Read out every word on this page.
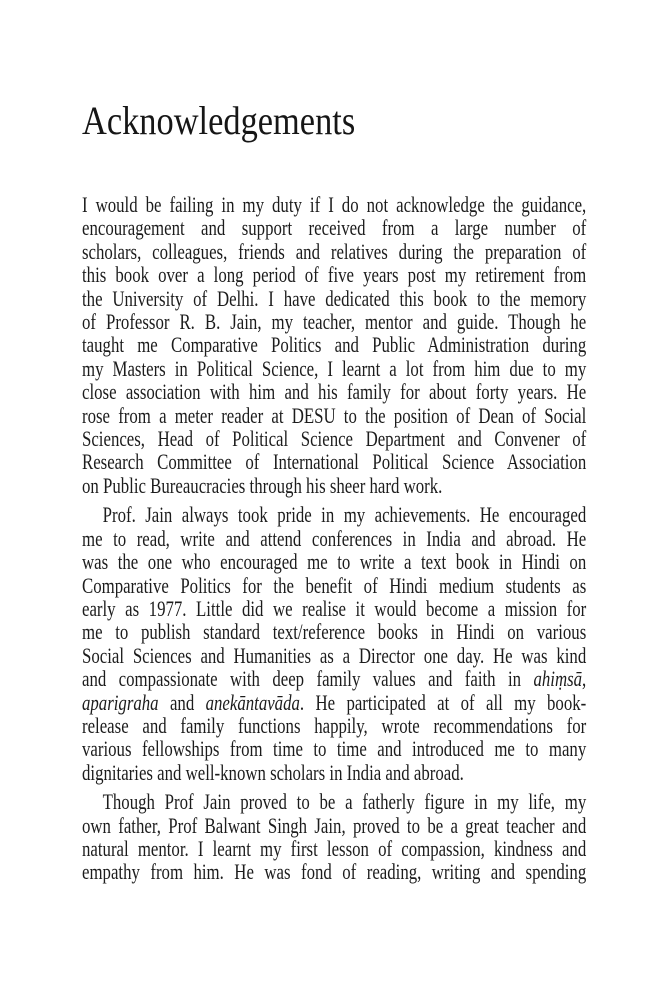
Acknowledgements
I would be failing in my duty if I do not acknowledge the guidance,
encouragement and support received from a large number of
scholars, colleagues, friends and relatives during the preparation of
this book over a long period of five years post my retirement from
the University of Delhi. I have dedicated this book to the memory
of Professor R. B. Jain, my teacher, mentor and guide. Though he
taught me Comparative Politics and Public Administration during
my Masters in Political Science, I learnt a lot from him due to my
close association with him and his family for about forty years. He
rose from a meter reader at DESU to the position of Dean of Social
Sciences, Head of Political Science Department and Convener of
Research Committee of International Political Science Association
on Public Bureaucracies through his sheer hard work.
Prof. Jain always took pride in my achievements. He encouraged
me to read, write and attend conferences in India and abroad. He
was the one who encouraged me to write a text book in Hindi on
Comparative Politics for the benefit of Hindi medium students as
early as 1977. Little did we realise it would become a mission for
me to publish standard text/reference books in Hindi on various
Social Sciences and Humanities as a Director one day. He was kind
and compassionate with deep family values and faith in ahiṃsā,
aparigraha and anekāntavāda. He participated at of all my book-
release and family functions happily, wrote recommendations for
various fellowships from time to time and introduced me to many
dignitaries and well-known scholars in India and abroad.
Though Prof Jain proved to be a fatherly figure in my life, my
own father, Prof Balwant Singh Jain, proved to be a great teacher and
natural mentor. I learnt my first lesson of compassion, kindness and
empathy from him. He was fond of reading, writing and spending
